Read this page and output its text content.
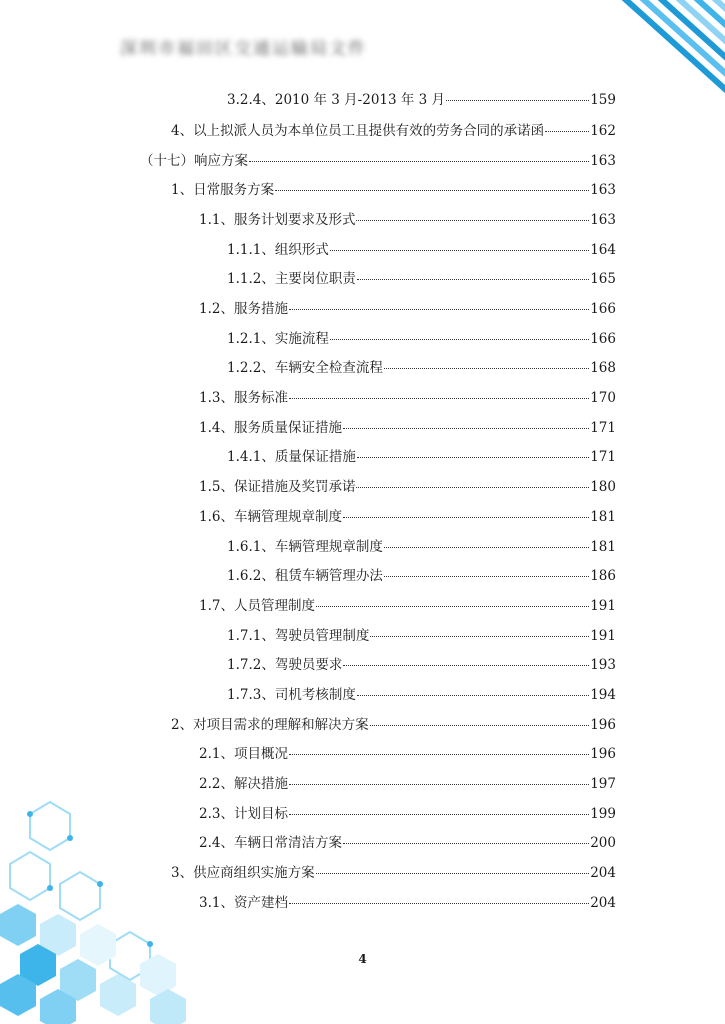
深圳市福田区交通运输局文件
3.2.4、2010 年 3 月-2013 年 3 月	159
4、以上拟派人员为本单位员工且提供有效的劳务合同的承诺函	162
（十七）响应方案	163
1、日常服务方案	163
1.1、服务计划要求及形式	163
1.1.1、组织形式	164
1.1.2、主要岗位职责	165
1.2、服务措施	166
1.2.1、实施流程	166
1.2.2、车辆安全检查流程	168
1.3、服务标准	170
1.4、服务质量保证措施	171
1.4.1、质量保证措施	171
1.5、保证措施及奖罚承诺	180
1.6、车辆管理规章制度	181
1.6.1、车辆管理规章制度	181
1.6.2、租赁车辆管理办法	186
1.7、人员管理制度	191
1.7.1、驾驶员管理制度	191
1.7.2、驾驶员要求	193
1.7.3、司机考核制度	194
2、对项目需求的理解和解决方案	196
2.1、项目概况	196
2.2、解决措施	197
2.3、计划目标	199
2.4、车辆日常清洁方案	200
3、供应商组织实施方案	204
3.1、资产建档	204
4
